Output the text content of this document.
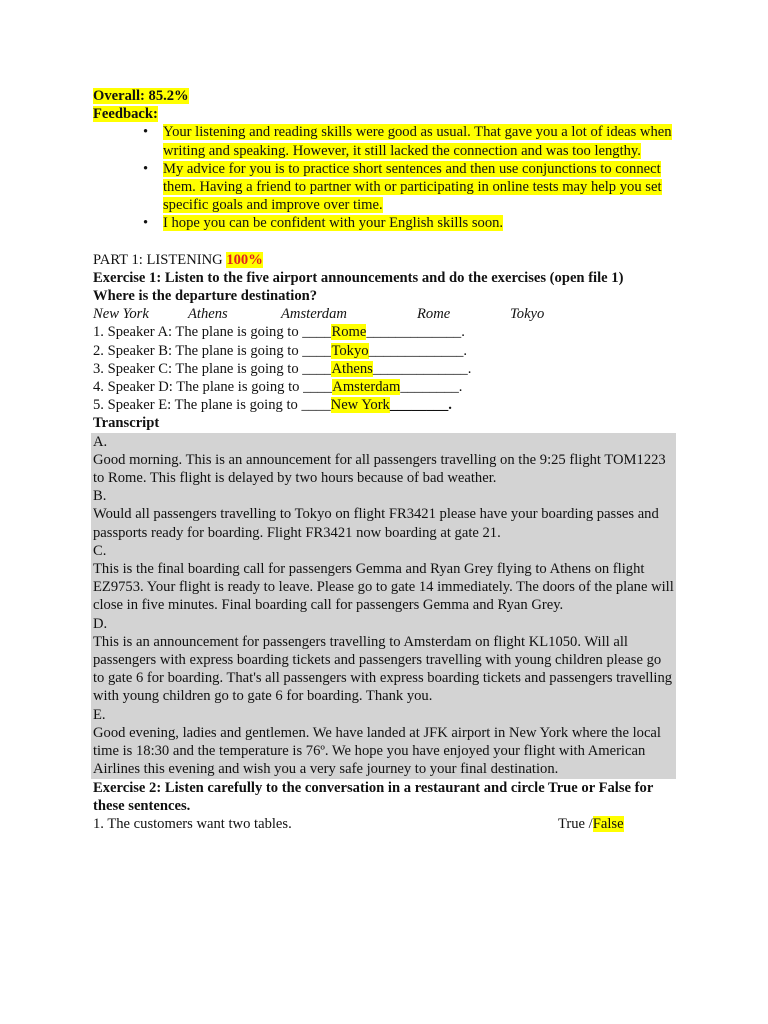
Overall: 85.2%
Feedback:
• Your listening and reading skills were good as usual. That gave you a lot of ideas when writing and speaking. However, it still lacked the connection and was too lengthy.
• My advice for you is to practice short sentences and then use conjunctions to connect them. Having a friend to partner with or participating in online tests may help you set specific goals and improve over time.
• I hope you can be confident with your English skills soon.
PART 1: LISTENING 100%
Exercise 1: Listen to the five airport announcements and do the exercises (open file 1)
Where is the departure destination?
New York	Athens	Amsterdam	Rome	Tokyo
1. Speaker A: The plane is going to ____Rome_____________.
2. Speaker B: The plane is going to ____Tokyo_____________.
3. Speaker C: The plane is going to ____Athens_____________.
4. Speaker D: The plane is going to ____Amsterdam________.
5. Speaker E: The plane is going to ____New York________.
Transcript
A.
Good morning. This is an announcement for all passengers travelling on the 9:25 flight TOM1223 to Rome. This flight is delayed by two hours because of bad weather.
B.
Would all passengers travelling to Tokyo on flight FR3421 please have your boarding passes and passports ready for boarding. Flight FR3421 now boarding at gate 21.
C.
This is the final boarding call for passengers Gemma and Ryan Grey flying to Athens on flight EZ9753. Your flight is ready to leave. Please go to gate 14 immediately. The doors of the plane will close in five minutes. Final boarding call for passengers Gemma and Ryan Grey.
D.
This is an announcement for passengers travelling to Amsterdam on flight KL1050. Will all passengers with express boarding tickets and passengers travelling with young children please go to gate 6 for boarding. That's all passengers with express boarding tickets and passengers travelling with young children go to gate 6 for boarding. Thank you.
E.
Good evening, ladies and gentlemen. We have landed at JFK airport in New York where the local time is 18:30 and the temperature is 76º. We hope you have enjoyed your flight with American Airlines this evening and wish you a very safe journey to your final destination.
Exercise 2: Listen carefully to the conversation in a restaurant and circle True or False for these sentences.
1. The customers want two tables.	True /False
